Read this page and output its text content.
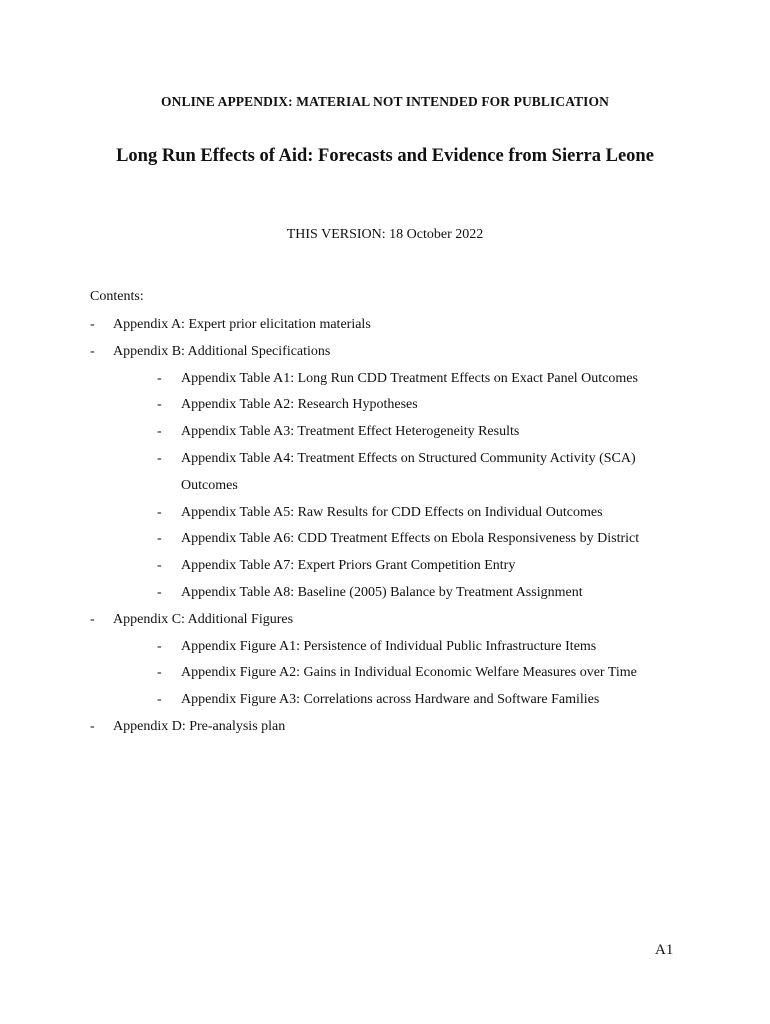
ONLINE APPENDIX: MATERIAL NOT INTENDED FOR PUBLICATION
Long Run Effects of Aid: Forecasts and Evidence from Sierra Leone
THIS VERSION: 18 October 2022
Contents:
- Appendix A: Expert prior elicitation materials
- Appendix B: Additional Specifications
- Appendix Table A1: Long Run CDD Treatment Effects on Exact Panel Outcomes
- Appendix Table A2: Research Hypotheses
- Appendix Table A3: Treatment Effect Heterogeneity Results
- Appendix Table A4: Treatment Effects on Structured Community Activity (SCA)
Outcomes
- Appendix Table A5: Raw Results for CDD Effects on Individual Outcomes
- Appendix Table A6: CDD Treatment Effects on Ebola Responsiveness by District
- Appendix Table A7: Expert Priors Grant Competition Entry
- Appendix Table A8: Baseline (2005) Balance by Treatment Assignment
- Appendix C: Additional Figures
- Appendix Figure A1: Persistence of Individual Public Infrastructure Items
- Appendix Figure A2: Gains in Individual Economic Welfare Measures over Time
- Appendix Figure A3: Correlations across Hardware and Software Families
- Appendix D: Pre-analysis plan
A1
